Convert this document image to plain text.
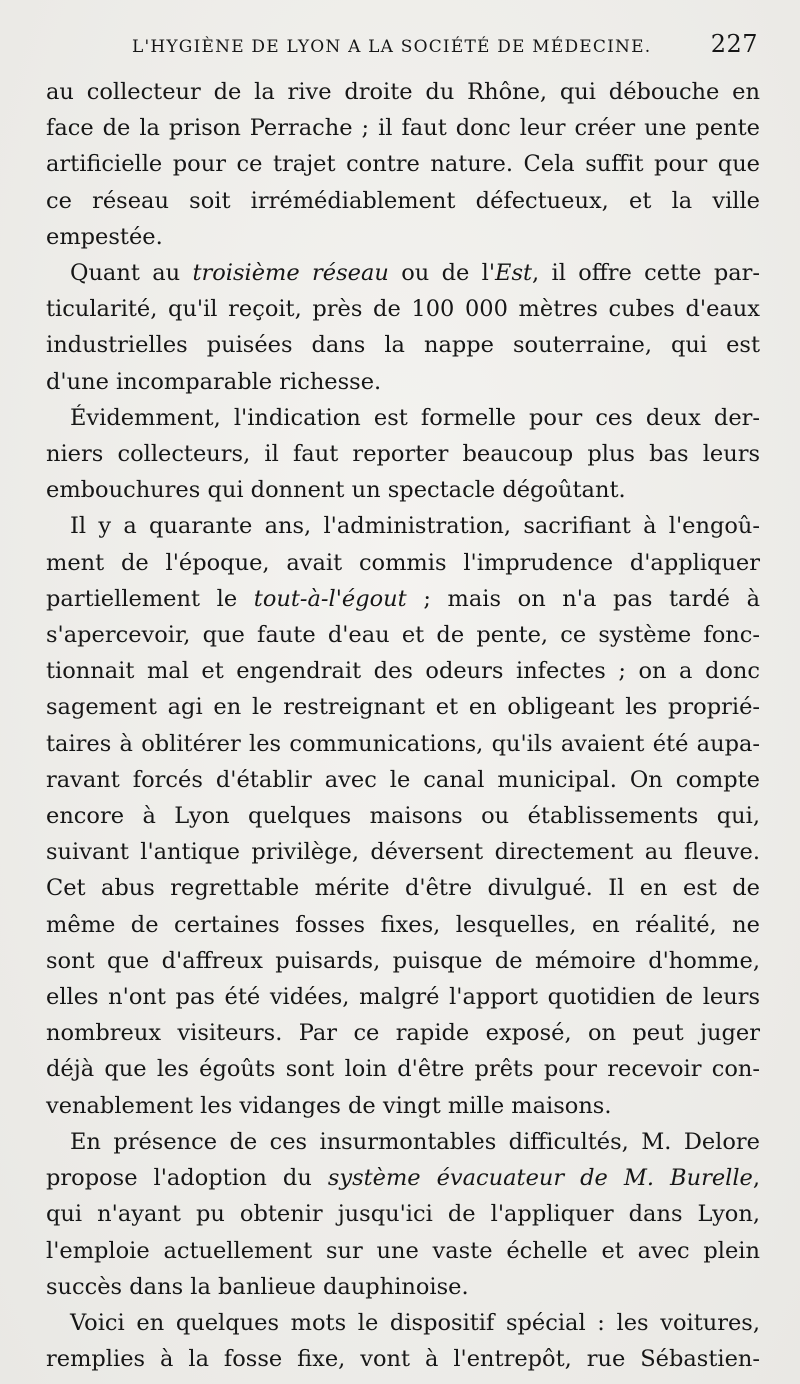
L'HYGIÈNE DE LYON A LA SOCIÉTÉ DE MÉDECINE. 227
au collecteur de la rive droite du Rhône, qui débouche en
face de la prison Perrache ; il faut donc leur créer une pente
artificielle pour ce trajet contre nature. Cela suffit pour que
ce réseau soit irrémédiablement défectueux, et la ville
empestée.
Quant au troisième réseau ou de l'Est, il offre cette par-
ticularité, qu'il reçoit, près de 100 000 mètres cubes d'eaux
industrielles puisées dans la nappe souterraine, qui est
d'une incomparable richesse.
Évidemment, l'indication est formelle pour ces deux der-
niers collecteurs, il faut reporter beaucoup plus bas leurs
embouchures qui donnent un spectacle dégoûtant.
Il y a quarante ans, l'administration, sacrifiant à l'engoû-
ment de l'époque, avait commis l'imprudence d'appliquer
partiellement le tout-à-l'égout ; mais on n'a pas tardé à
s'apercevoir, que faute d'eau et de pente, ce système fonc-
tionnait mal et engendrait des odeurs infectes ; on a donc
sagement agi en le restreignant et en obligeant les proprié-
taires à oblitérer les communications, qu'ils avaient été aupa-
ravant forcés d'établir avec le canal municipal. On compte
encore à Lyon quelques maisons ou établissements qui,
suivant l'antique privilège, déversent directement au fleuve.
Cet abus regrettable mérite d'être divulgué. Il en est de
même de certaines fosses fixes, lesquelles, en réalité, ne
sont que d'affreux puisards, puisque de mémoire d'homme,
elles n'ont pas été vidées, malgré l'apport quotidien de leurs
nombreux visiteurs. Par ce rapide exposé, on peut juger
déjà que les égoûts sont loin d'être prêts pour recevoir con-
venablement les vidanges de vingt mille maisons.
En présence de ces insurmontables difficultés, M. Delore
propose l'adoption du système évacuateur de M. Burelle,
qui n'ayant pu obtenir jusqu'ici de l'appliquer dans Lyon,
l'emploie actuellement sur une vaste échelle et avec plein
succès dans la banlieue dauphinoise.
Voici en quelques mots le dispositif spécial : les voitures,
remplies à la fosse fixe, vont à l'entrepôt, rue Sébastien-
